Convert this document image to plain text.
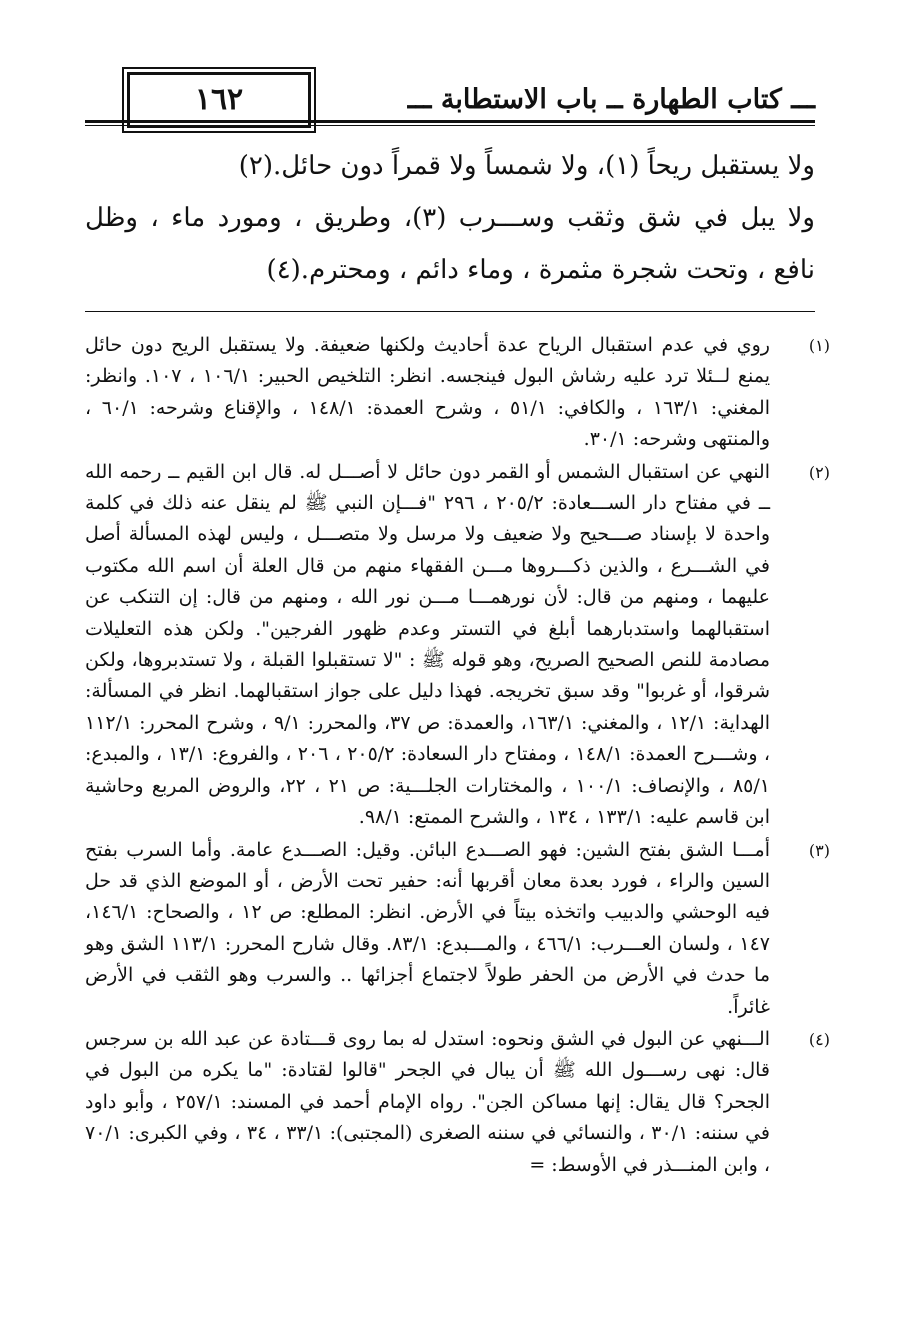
١٦٢	ـــ كتاب الطهارة ــ باب الاستطابة ـــ

ولا يستقبل ريحاً (١)، ولا شمساً ولا قمراً دون حائل.(٢)

ولا يبل في شق وثقب وســـرب (٣)، وطريق ، ومورد ماء ، وظل نافع ، وتحت شجرة مثمرة ، وماء دائم ، ومحترم.(٤)

(١)

روي في عدم استقبال الرياح عدة أحاديث ولكنها ضعيفة. ولا يستقبل الريح دون حائل يمنع لــئلا ترد عليه رشاش البول فينجسه. انظر: التلخيص الحبير: ١٠٦/١ ، ١٠٧. وانظر: المغني: ١٦٣/١ ، والكافي: ٥١/١ ، وشرح العمدة: ١٤٨/١ ، والإقناع وشرحه: ٦٠/١ ، والمنتهى وشرحه: ٣٠/١.

(٢)

النهي عن استقبال الشمس أو القمر دون حائل لا أصـــل له. قال ابن القيم ــ رحمه الله ــ في مفتاح دار الســـعادة: ٢٠٥/٢ ، ٢٩٦ "فـــإن النبي ﷺ لم ينقل عنه ذلك في كلمة واحدة لا بإسناد صـــحيح ولا ضعيف ولا مرسل ولا متصـــل ، وليس لهذه المسألة أصل في الشـــرع ، والذين ذكـــروها مـــن الفقهاء منهم من قال العلة أن اسم الله مكتوب عليهما ، ومنهم من قال: لأن نورهمـــا مـــن نور الله ، ومنهم من قال: إن التنكب عن استقبالهما واستدبارهما أبلغ في التستر وعدم ظهور الفرجين". ولكن هذه التعليلات مصادمة للنص الصحيح الصريح، وهو قوله ﷺ : "لا تستقبلوا القبلة ، ولا تستدبروها، ولكن شرقوا، أو غربوا" وقد سبق تخريجه. فهذا دليل على جواز استقبالهما. انظر في المسألة: الهداية: ١٢/١ ، والمغني: ١٦٣/١، والعمدة: ص ٣٧، والمحرر: ٩/١ ، وشرح المحرر: ١١٢/١ ، وشـــرح العمدة: ١٤٨/١ ، ومفتاح دار السعادة: ٢٠٥/٢ ، ٢٠٦ ، والفروع: ١٣/١ ، والمبدع: ٨٥/١ ، والإنصاف: ١٠٠/١ ، والمختارات الجلـــية: ص ٢١ ، ٢٢، والروض المربع وحاشية ابن قاسم عليه: ١٣٣/١ ، ١٣٤ ، والشرح الممتع: ٩٨/١.

(٣)

أمـــا الشق بفتح الشين: فهو الصـــدع البائن. وقيل: الصـــدع عامة. وأما السرب بفتح السين والراء ، فورد بعدة معان أقربها أنه: حفير تحت الأرض ، أو الموضع الذي قد حل فيه الوحشي والدبيب واتخذه بيتاً في الأرض. انظر: المطلع: ص ١٢ ، والصحاح: ١٤٦/١، ١٤٧ ، ولسان العـــرب: ٤٦٦/١ ، والمـــبدع: ٨٣/١. وقال شارح المحرر: ١١٣/١ الشق وهو ما حدث في الأرض من الحفر طولاً لاجتماع أجزائها .. والسرب وهو الثقب في الأرض غائراً.

(٤)

الـــنهي عن البول في الشق ونحوه: استدل له بما روى قـــتادة عن عبد الله بن سرجس قال: نهى رســـول الله ﷺ أن يبال في الجحر "قالوا لقتادة: "ما يكره من البول في الجحر؟ قال يقال: إنها مساكن الجن". رواه الإمام أحمد في المسند: ٢٥٧/١ ، وأبو داود في سننه: ٣٠/١ ، والنسائي في سننه الصغرى (المجتبى): ٣٣/١ ، ٣٤ ، وفي الكبرى: ٧٠/١ ، وابن المنـــذر في الأوسط: =
